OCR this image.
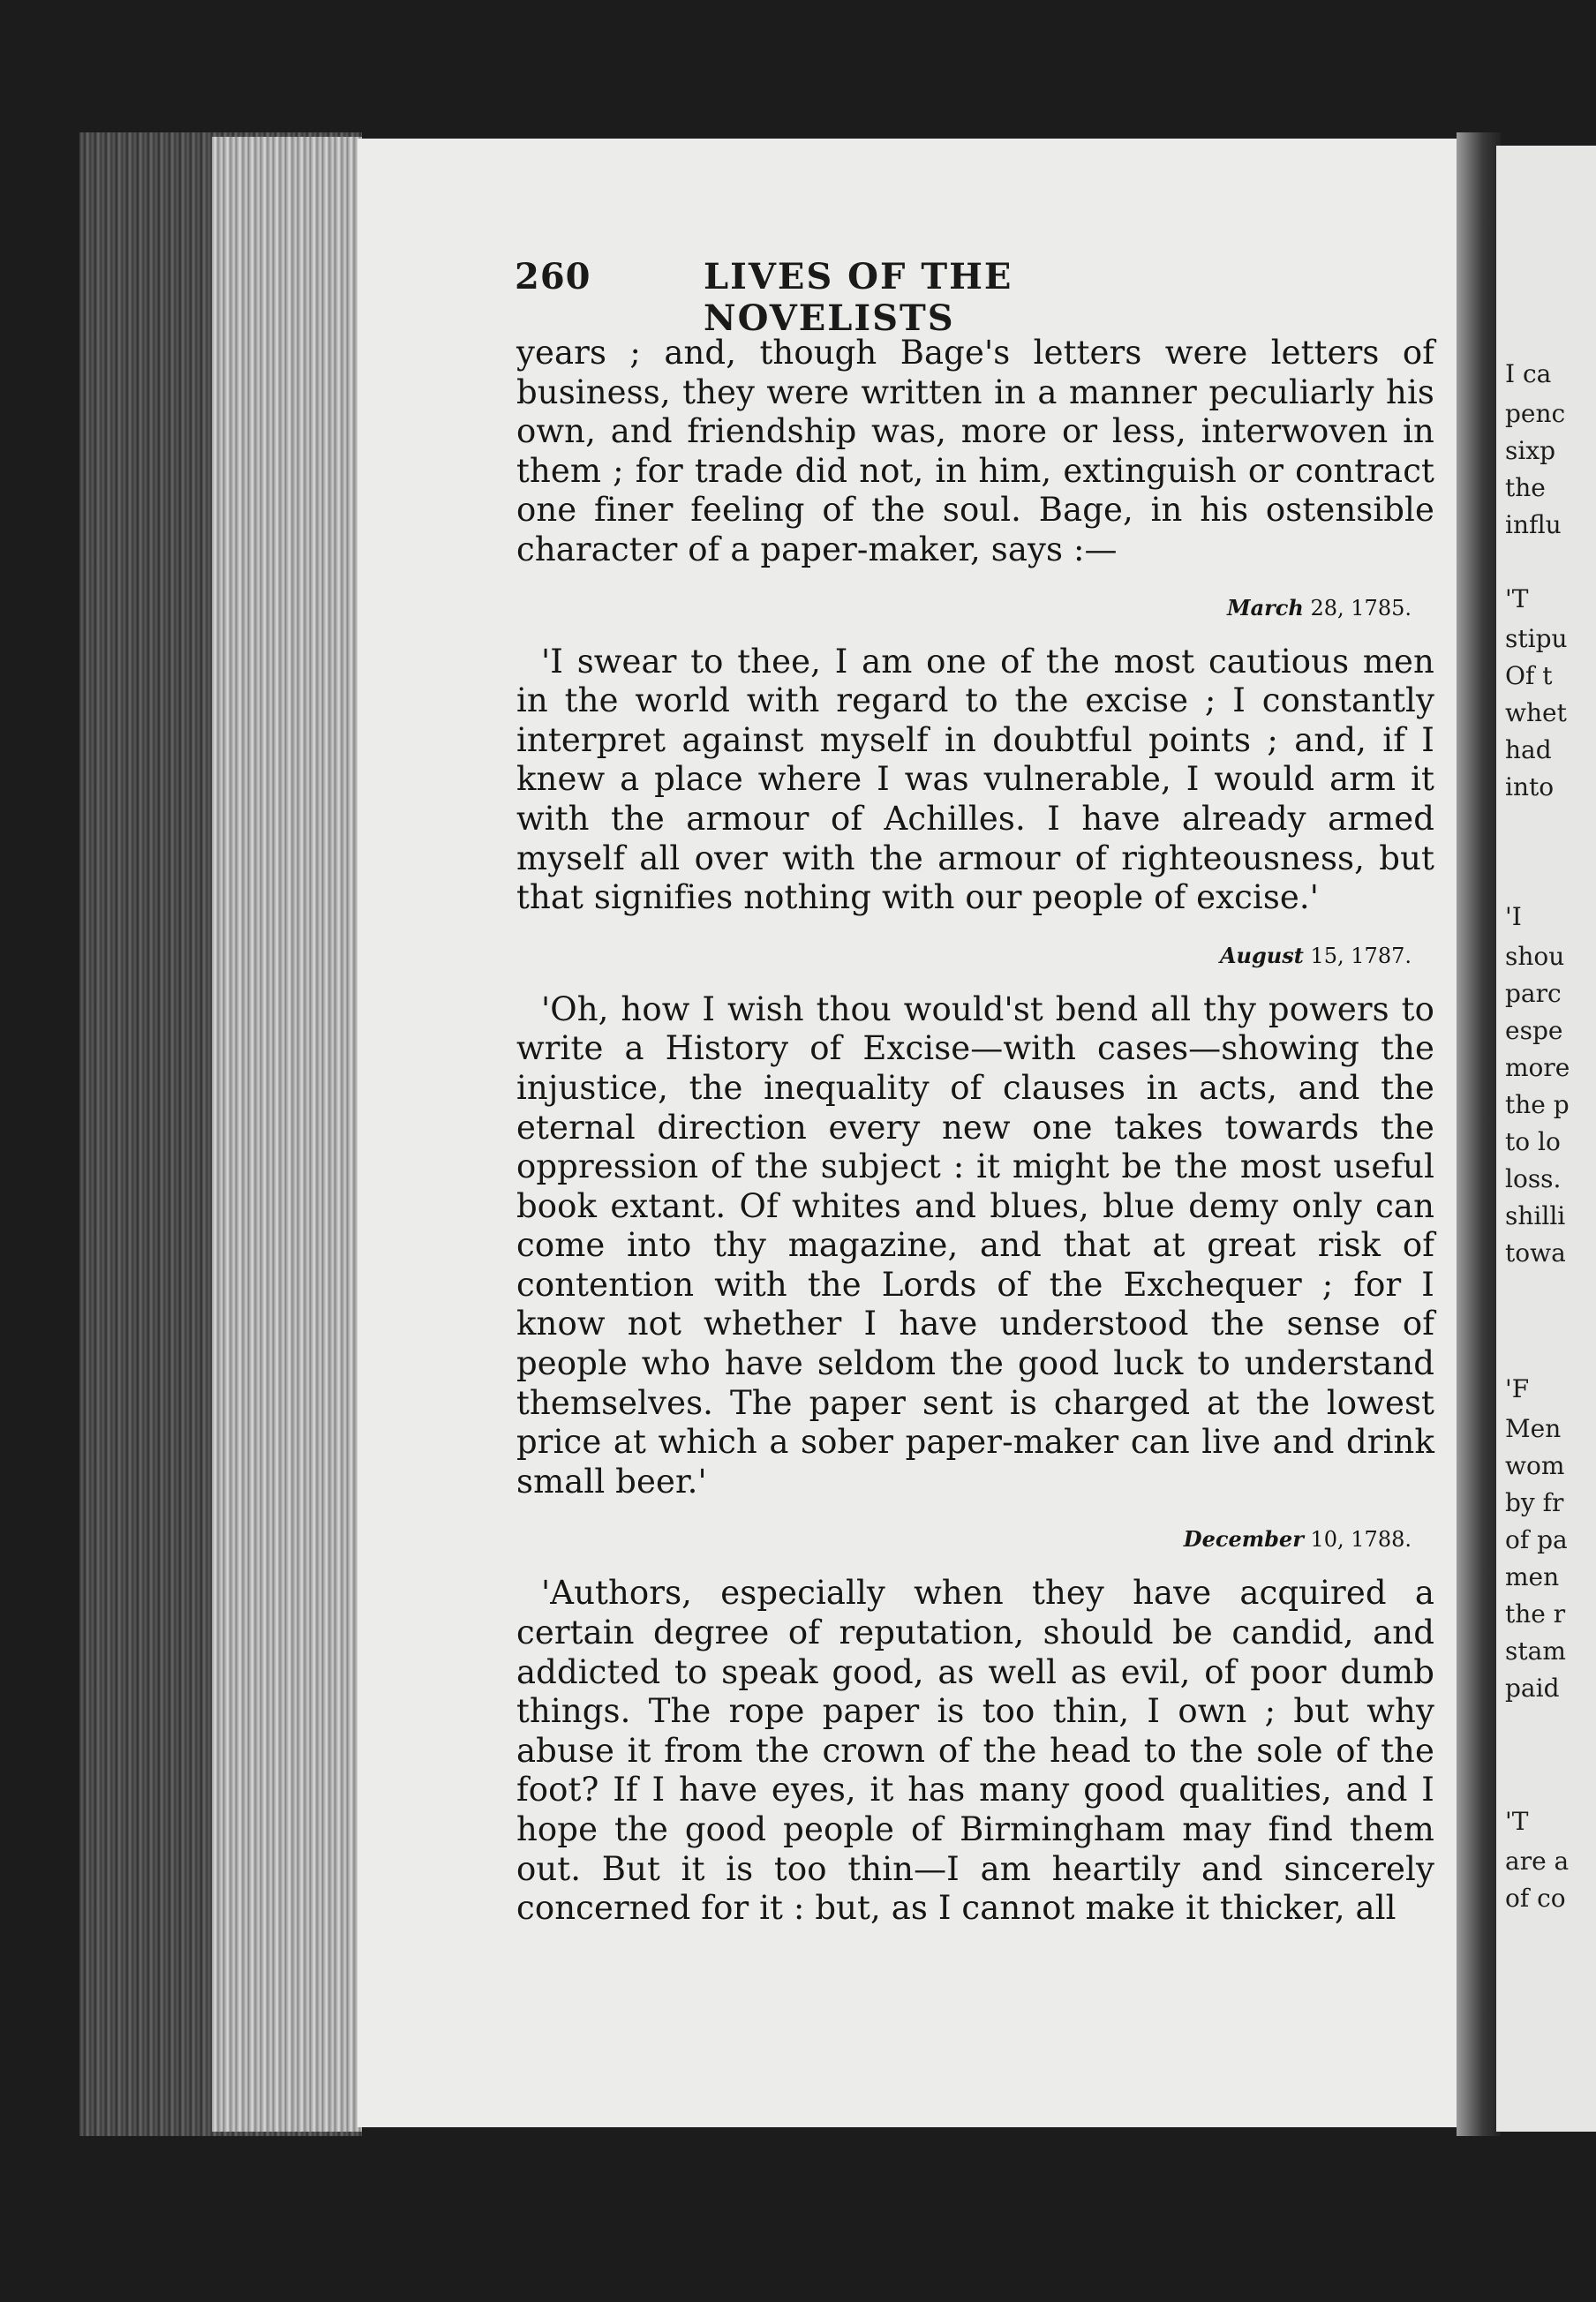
260	LIVES OF THE NOVELISTS

years ; and, though Bage's letters were letters of business, they were written in a manner peculiarly his own, and friendship was, more or less, interwoven in them ; for trade did not, in him, extinguish or contract one finer feeling of the soul. Bage, in his ostensible character of a paper-maker, says :—

March 28, 1785.

'I swear to thee, I am one of the most cautious men in the world with regard to the excise ; I constantly interpret against myself in doubtful points ; and, if I knew a place where I was vulnerable, I would arm it with the armour of Achilles. I have already armed myself all over with the armour of righteousness, but that signifies nothing with our people of excise.'

August 15, 1787.

'Oh, how I wish thou would'st bend all thy powers to write a History of Excise—with cases—showing the injustice, the inequality of clauses in acts, and the eternal direction every new one takes towards the oppression of the subject : it might be the most useful book extant. Of whites and blues, blue demy only can come into thy magazine, and that at great risk of contention with the Lords of the Exchequer ; for I know not whether I have understood the sense of people who have seldom the good luck to understand themselves. The paper sent is charged at the lowest price at which a sober paper-maker can live and drink small beer.'

December 10, 1788.

'Authors, especially when they have acquired a certain degree of reputation, should be candid, and addicted to speak good, as well as evil, of poor dumb things. The rope paper is too thin, I own ; but why abuse it from the crown of the head to the sole of the foot? If I have eyes, it has many good qualities, and I hope the good people of Birmingham may find them out. But it is too thin—I am heartily and sincerely concerned for it : but, as I cannot make it thicker, all

I ca
penc
sixp
the
influ
'T
stipu
Of t
whet
had
into
'I
shou
parc
espe
more
the p
to lo
loss.
shilli
towa
'F
Men
wom
by fr
of pa
men
the r
stam
paid
'T
are a
of co
